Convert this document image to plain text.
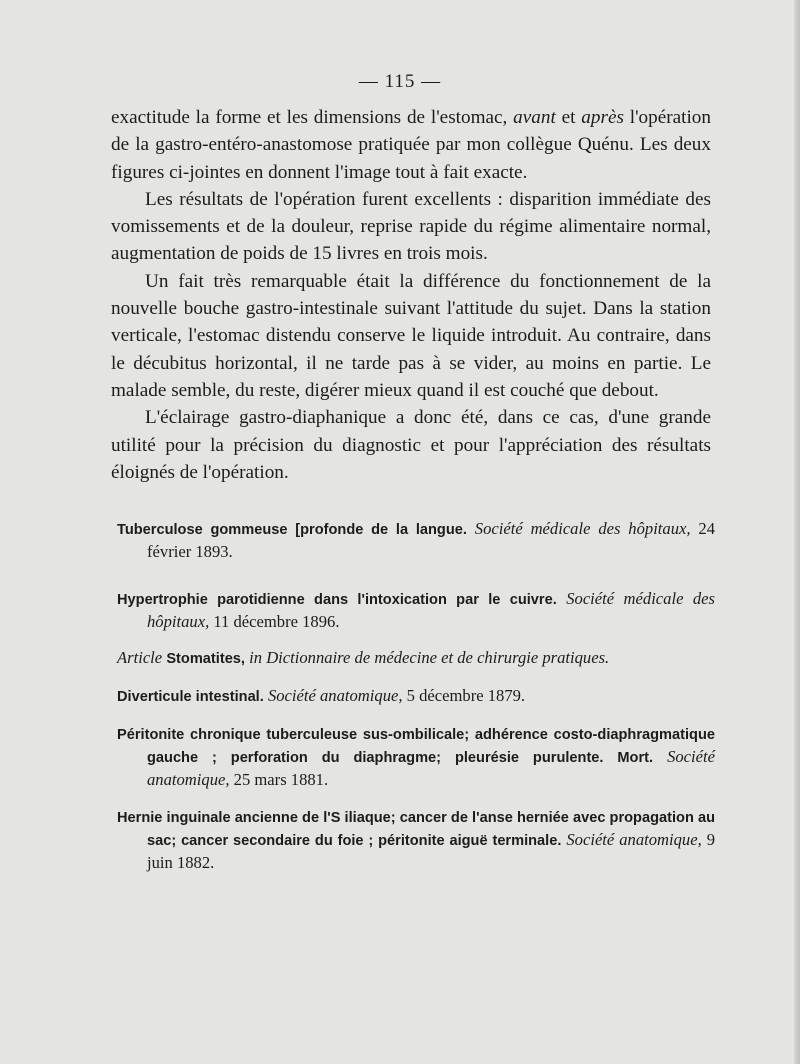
— 115 —

exactitude la forme et les dimensions de l'estomac, avant et après l'opération de la gastro-entéro-anastomose pratiquée par mon collègue Quénu. Les deux figures ci-jointes en donnent l'image tout à fait exacte.

Les résultats de l'opération furent excellents : disparition immédiate des vomissements et de la douleur, reprise rapide du régime alimentaire normal, augmentation de poids de 15 livres en trois mois.

Un fait très remarquable était la différence du fonctionnement de la nouvelle bouche gastro-intestinale suivant l'attitude du sujet. Dans la station verticale, l'estomac distendu conserve le liquide introduit. Au contraire, dans le décubitus horizontal, il ne tarde pas à se vider, au moins en partie. Le malade semble, du reste, digérer mieux quand il est couché que debout.

L'éclairage gastro-diaphanique a donc été, dans ce cas, d'une grande utilité pour la précision du diagnostic et pour l'appréciation des résultats éloignés de l'opération.

Tuberculose gommeuse [profonde de la langue. Société médicale des hôpitaux, 24 février 1893.
Hypertrophie parotidienne dans l'intoxication par le cuivre. Société médicale des hôpitaux, 11 décembre 1896.
Article Stomatites, in Dictionnaire de médecine et de chirurgie pratiques.
Diverticule intestinal. Société anatomique, 5 décembre 1879.
Péritonite chronique tuberculeuse sus-ombilicale; adhérence costo-diaphragmatique gauche ; perforation du diaphragme; pleurésie purulente. Mort. Société anatomique, 25 mars 1881.
Hernie inguinale ancienne de l'S iliaque; cancer de l'anse herniée avec propagation au sac; cancer secondaire du foie ; péritonite aiguë terminale. Société anatomique, 9 juin 1882.
